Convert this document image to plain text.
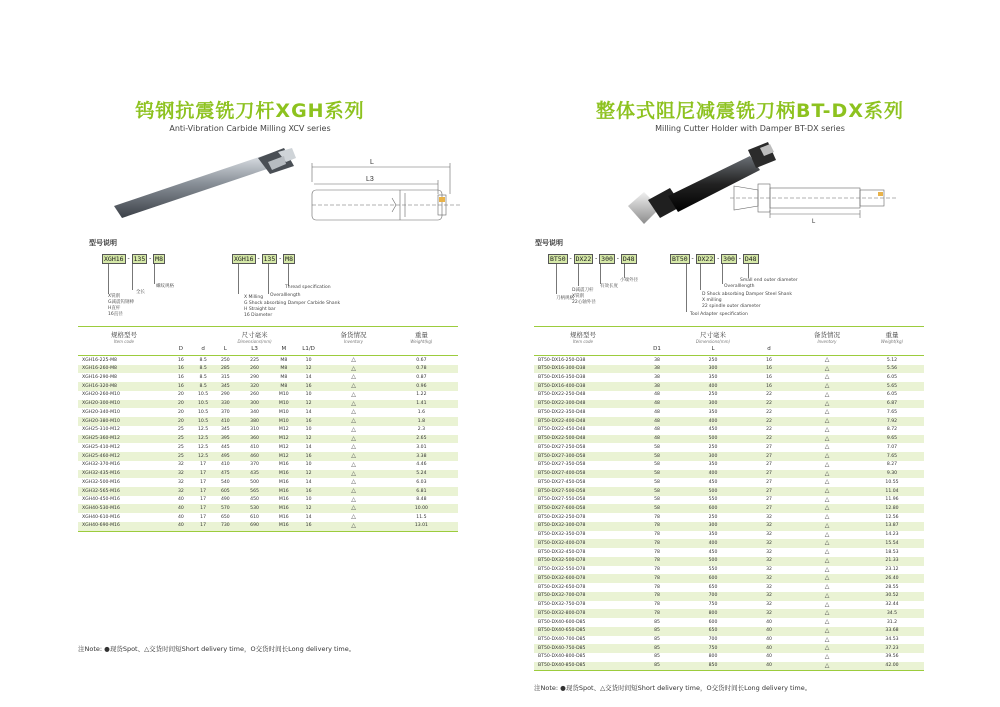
钨钢抗震铣刀杆XGH系列
Anti-Vibration Carbide Milling XCV series
L
L3
型号说明
XGH16 - 135 - M8	XGH16 - 135 - M8
X铣削
G减震钨钢棒
H直杆
16直径
全长
螺纹规格
X Milling
G Shock absorbing Damper Carbide Shank
H Straight bar
16 Diameter
Overalllength
Thread specification
规格型号
Item code	D	d	L	尺寸毫米
Dimensions(mm)
L3	M	L1/D	备货情况
Inventory	重量
Weight(kg)

XGH16-225-M8	16	8.5	250	225	M8	10	△	0.67
XGH16-260-M8	16	8.5	285	260	M8	12	△	0.78
XGH16-290-M8	16	8.5	315	290	M8	14	△	0.87
XGH16-320-M8	16	8.5	345	320	M8	16	△	0.96
XGH20-260-M10	20	10.5	290	260	M10	10	△	1.22
XGH20-300-M10	20	10.5	330	300	M10	12	△	1.41
XGH20-340-M10	20	10.5	370	340	M10	14	△	1.6
XGH20-380-M10	20	10.5	410	380	M10	16	△	1.8
XGH25-310-M12	25	12.5	345	310	M12	10	△	2.3
XGH25-360-M12	25	12.5	395	360	M12	12	△	2.65
XGH25-410-M12	25	12.5	445	410	M12	14	△	3.01
XGH25-460-M12	25	12.5	495	460	M12	16	△	3.38
XGH32-370-M16	32	17	410	370	M16	10	△	4.46
XGH32-435-M16	32	17	475	435	M16	12	△	5.24
XGH32-500-M16	32	17	540	500	M16	14	△	6.03
XGH32-565-M16	32	17	605	565	M16	16	△	6.81
XGH40-450-M16	40	17	490	450	M16	10	△	8.48
XGH40-530-M16	40	17	570	530	M16	12	△	10.00
XGH40-610-M16	40	17	650	610	M16	14	△	11.5
XGH40-690-M16	40	17	730	690	M16	16	△	13.01
注Note: ●现货Spot、△交货时间短Short delivery time，O交货时间长Long delivery time。
整体式阻尼减震铣刀柄BT-DX系列
Milling Cutter Holder with Damper BT-DX series
L
型号说明
BT50 - DX22 - 300 - D48	BT50 - DX22 - 300 - D48
刀柄规格
D减震刀杆
X铣削
22心轴外径
有效长度
小端外径
Tool Adapter specification
D Shock absorbing Damper Steel Shank
X milling
22 spindle outer diameter
Overalllength
Small end outer diameter
规格型号
Item code	D1	尺寸毫米
Dimensions(mm)
L	d	备货情况
Inventory	重量
Weight(kg)

BT50-DX16-250-D38	38	250	16	△	5.12
BT50-DX16-300-D38	38	300	16	△	5.56
BT50-DX16-350-D38	38	350	16	△	6.05
BT50-DX16-400-D38	38	400	16	△	5.65
BT50-DX22-250-D48	48	250	22	△	6.05
BT50-DX22-300-D48	48	300	22	△	6.87
BT50-DX22-350-D48	48	350	22	△	7.65
BT50-DX22-400-D48	48	400	22	△	7.92
BT50-DX22-450-D48	48	450	22	△	8.72
BT50-DX22-500-D48	48	500	22	△	9.65
BT50-DX27-250-D58	58	250	27	△	7.07
BT50-DX27-300-D58	58	300	27	△	7.65
BT50-DX27-350-D58	58	350	27	△	8.27
BT50-DX27-400-D58	58	400	27	△	9.30
BT50-DX27-450-D58	58	450	27	△	10.55
BT50-DX27-500-D58	58	500	27	△	11.04
BT50-DX27-550-D58	58	550	27	△	11.96
BT50-DX27-600-D58	58	600	27	△	12.80
BT50-DX32-250-D78	78	250	32	△	12.56
BT50-DX32-300-D78	78	300	32	△	13.87
BT50-DX32-350-D78	78	350	32	△	14.23
BT50-DX32-400-D78	78	400	32	△	15.54
BT50-DX32-450-D78	78	450	32	△	18.53
BT50-DX32-500-D78	78	500	32	△	21.33
BT50-DX32-550-D78	78	550	32	△	23.12
BT50-DX32-600-D78	78	600	32	△	26.40
BT50-DX32-650-D78	78	650	32	△	28.55
BT50-DX32-700-D78	78	700	32	△	30.52
BT50-DX32-750-D78	78	750	32	△	32.44
BT50-DX32-800-D78	78	800	32	△	34.5
BT50-DX40-600-D85	85	600	40	△	31.2
BT50-DX40-650-D85	85	650	40	△	33.68
BT50-DX40-700-D85	85	700	40	△	34.53
BT50-DX40-750-D85	85	750	40	△	37.23
BT50-DX40-800-D85	85	800	40	△	39.56
BT50-DX40-850-D85	85	850	40	△	42.00
注Note: ●现货Spot、△交货时间短Short delivery time，O交货时间长Long delivery time。
